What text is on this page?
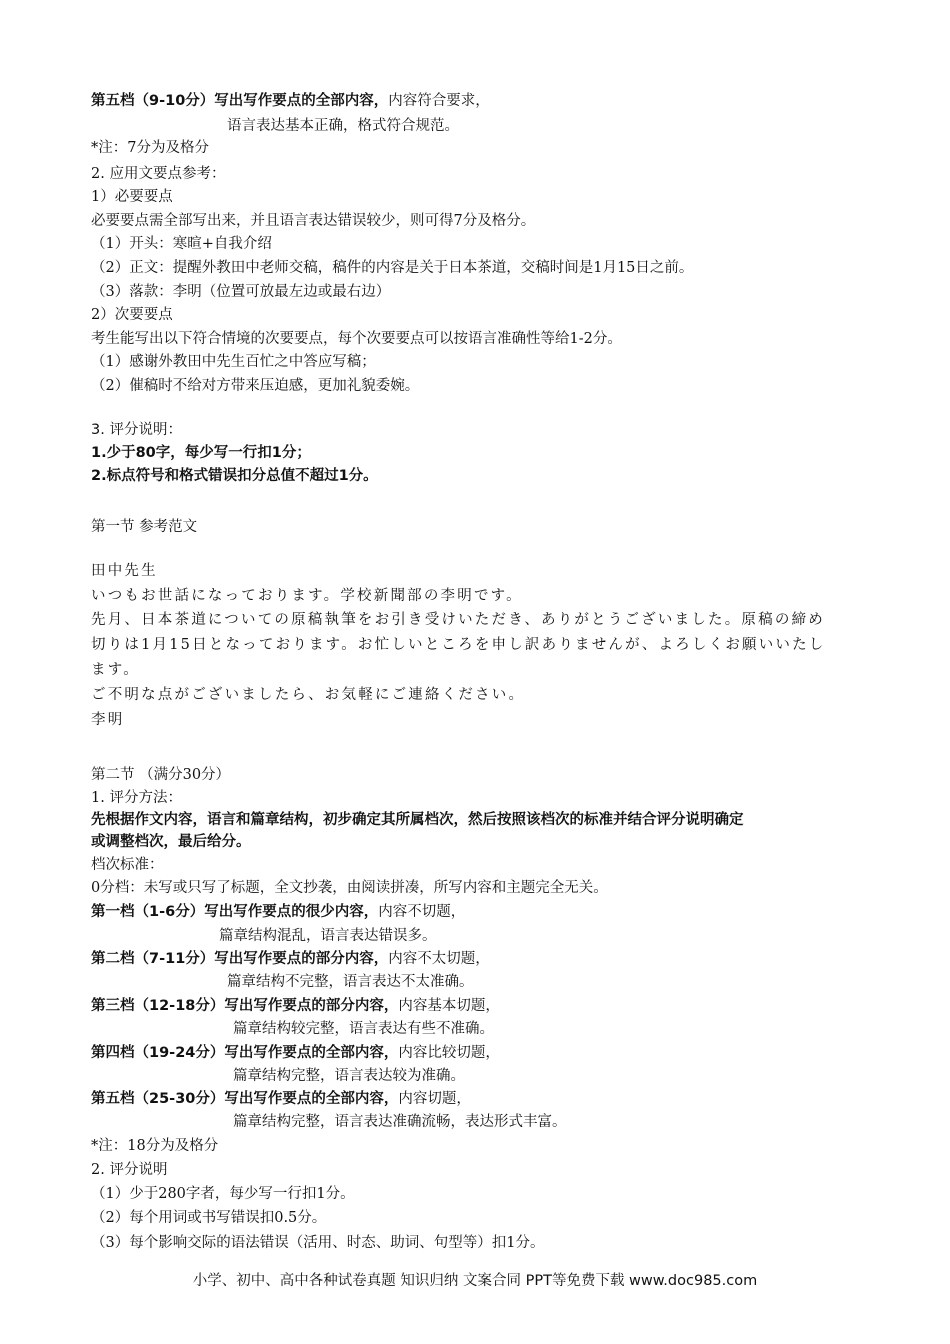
第五档（9-10分）写出写作要点的全部内容，内容符合要求，
语言表达基本正确，格式符合规范。
*注：7分为及格分
2. 应用文要点参考：
1）必要要点
必要要点需全部写出来，并且语言表达错误较少，则可得7分及格分。
（1）开头：寒暄+自我介绍
（2）正文：提醒外教田中老师交稿，稿件的内容是关于日本茶道，交稿时间是1月15日之前。
（3）落款：李明（位置可放最左边或最右边）
2）次要要点
考生能写出以下符合情境的次要要点，每个次要要点可以按语言准确性等给1-2分。
（1）感谢外教田中先生百忙之中答应写稿；
（2）催稿时不给对方带来压迫感，更加礼貌委婉。
3. 评分说明：
1.少于80字，每少写一行扣1分；
2.标点符号和格式错误扣分总值不超过1分。
第一节 参考范文
田中先生
いつもお世話になっております。学校新聞部の李明です。
先月、日本茶道についての原稿執筆をお引き受けいただき、ありがとうございました。原稿の締め
切りは1月15日となっております。お忙しいところを申し訳ありませんが、よろしくお願いいたし
ます。
ご不明な点がございましたら、お気軽にご連絡ください。
李明
第二节 （满分30分）
1. 评分方法：
先根据作文内容，语言和篇章结构，初步确定其所属档次，然后按照该档次的标准并结合评分说明确定
或调整档次，最后给分。
档次标准：
0分档：未写或只写了标题，全文抄袭，由阅读拼凑，所写内容和主题完全无关。
第一档（1-6分）写出写作要点的很少内容，内容不切题，
篇章结构混乱，语言表达错误多。
第二档（7-11分）写出写作要点的部分内容，内容不太切题，
篇章结构不完整，语言表达不太准确。
第三档（12-18分）写出写作要点的部分内容，内容基本切题，
篇章结构较完整，语言表达有些不准确。
第四档（19-24分）写出写作要点的全部内容，内容比较切题，
篇章结构完整，语言表达较为准确。
第五档（25-30分）写出写作要点的全部内容，内容切题，
篇章结构完整，语言表达准确流畅，表达形式丰富。
*注：18分为及格分
2. 评分说明
（1）少于280字者，每少写一行扣1分。
（2）每个用词或书写错误扣0.5分。
（3）每个影响交际的语法错误（活用、时态、助词、句型等）扣1分。
小学、初中、高中各种试卷真题 知识归纳 文案合同 PPT等免费下载 www.doc985.com
